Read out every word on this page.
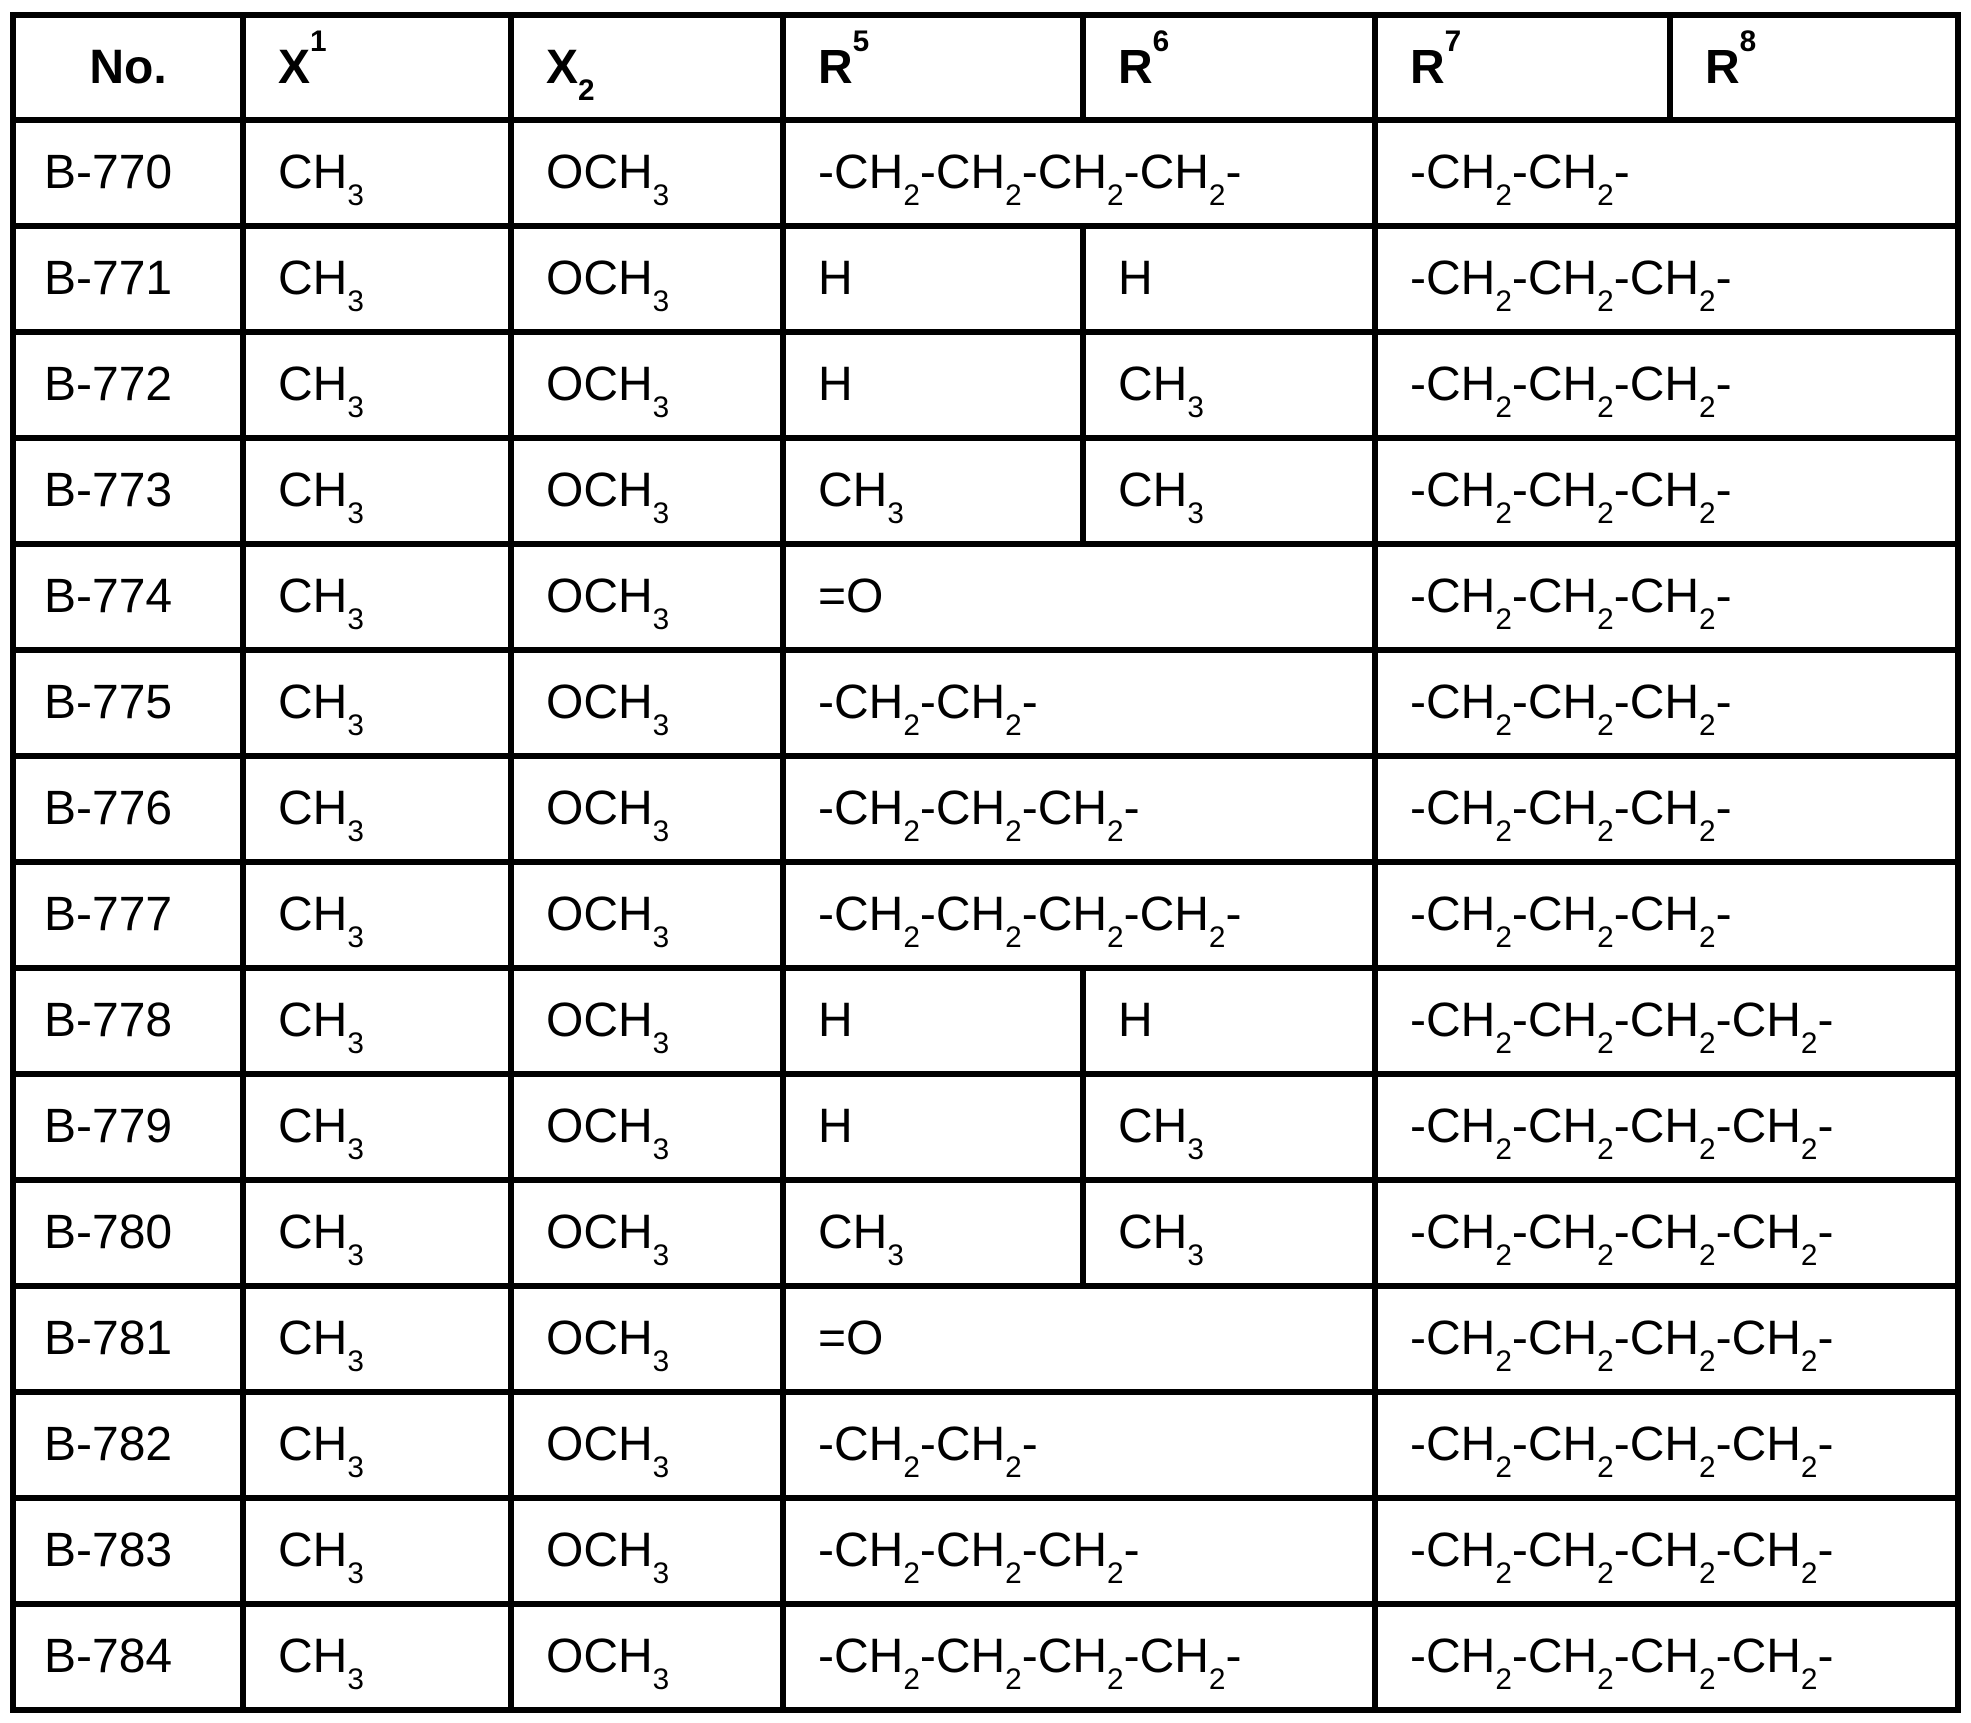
No.	$X^1$	$X_2$	$R^5$	$R^6$	$R^7$	$R^8$
B-770	$CH_3$	$OCH_3$	$-CH_2-CH_2-CH_2-CH_2-$		$-CH_2-CH_2-$	
B-771	$CH_3$	$OCH_3$	H	H	$-CH_2-CH_2-CH_2-$	
B-772	$CH_3$	$OCH_3$	H	$CH_3$	$-CH_2-CH_2-CH_2-$	
B-773	$CH_3$	$OCH_3$	$CH_3$	$CH_3$	$-CH_2-CH_2-CH_2-$	
B-774	$CH_3$	$OCH_3$	=O		$-CH_2-CH_2-CH_2-$	
B-775	$CH_3$	$OCH_3$	$-CH_2-CH_2-$		$-CH_2-CH_2-CH_2-$	
B-776	$CH_3$	$OCH_3$	$-CH_2-CH_2-CH_2-$		$-CH_2-CH_2-CH_2-$	
B-777	$CH_3$	$OCH_3$	$-CH_2-CH_2-CH_2-CH_2-$		$-CH_2-CH_2-CH_2-$	
B-778	$CH_3$	$OCH_3$	H	H	$-CH_2-CH_2-CH_2-CH_2-$	
B-779	$CH_3$	$OCH_3$	H	$CH_3$	$-CH_2-CH_2-CH_2-CH_2-$	
B-780	$CH_3$	$OCH_3$	$CH_3$	$CH_3$	$-CH_2-CH_2-CH_2-CH_2-$	
B-781	$CH_3$	$OCH_3$	=O		$-CH_2-CH_2-CH_2-CH_2-$	
B-782	$CH_3$	$OCH_3$	$-CH_2-CH_2-$		$-CH_2-CH_2-CH_2-CH_2-$	
B-783	$CH_3$	$OCH_3$	$-CH_2-CH_2-CH_2-$		$-CH_2-CH_2-CH_2-CH_2-$	
B-784	$CH_3$	$OCH_3$	$-CH_2-CH_2-CH_2-CH_2-$		$-CH_2-CH_2-CH_2-CH_2-$	
